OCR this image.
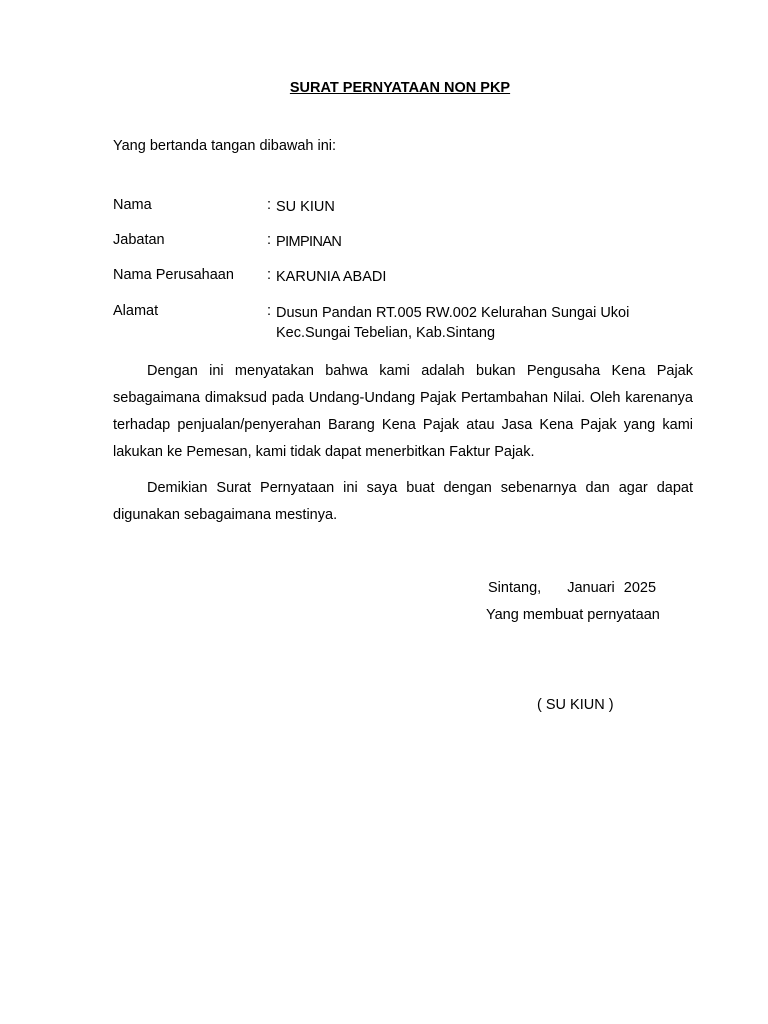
SURAT PERNYATAAN NON PKP
Yang bertanda tangan dibawah ini:
Nama	: SU KIUN
Jabatan	: PIMPINAN
Nama Perusahaan : KARUNIA ABADI
Alamat	: Dusun Pandan RT.005 RW.002 Kelurahan Sungai Ukoi
Kec.Sungai Tebelian, Kab.Sintang
Dengan ini menyatakan bahwa kami adalah bukan Pengusaha Kena Pajak sebagaimana dimaksud pada Undang-Undang Pajak Pertambahan Nilai. Oleh karenanya terhadap penjualan/penyerahan Barang Kena Pajak atau Jasa Kena Pajak yang kami lakukan ke Pemesan, kami tidak dapat menerbitkan Faktur Pajak.
Demikian Surat Pernyataan ini saya buat dengan sebenarnya dan agar dapat digunakan sebagaimana mestinya.
Sintang, Januari 2025
Yang membuat pernyataan
( SU KIUN )
